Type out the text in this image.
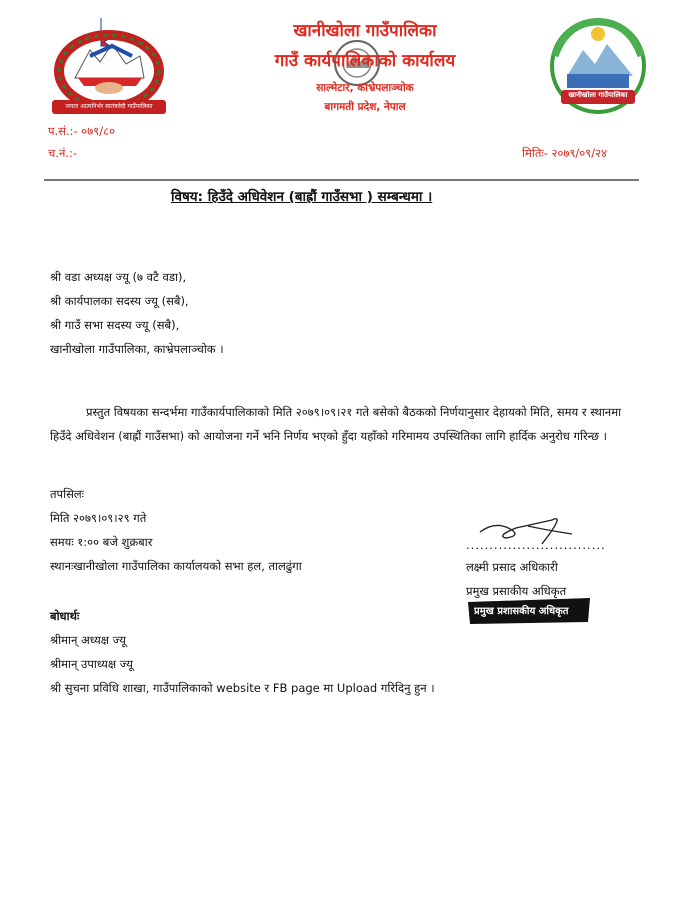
जनता आत्मनिर्भर स्वतंत्रवेदी गाउँपालिका
खानीखोला गाउँपालिका
खानीखोला गाउँपालिका
गाउँ कार्यपालिकाको कार्यालय
साल्मेटार, काभ्रेपलाञ्चोक
बागमती प्रदेश, नेपाल
प.सं.:- ०७९/८०
च.नं.:-	मितिः- २०७९/०९/२४
विषय: हिउँदे अधिवेशन (बाह्रौं गाउँसभा ) सम्बन्धमा ।
श्री वडा अध्यक्ष ज्यू (७ वटै वडा),
श्री कार्यपालका सदस्य ज्यू (सबै),
श्री गाउँ सभा सदस्य ज्यू (सबै),
खानीखोला गाउँपालिका, काभ्रेपलाञ्चोक ।
प्रस्तुत विषयका सन्दर्भमा गाउँकार्यपालिकाको मिति २०७९।०९।२१ गते बसेको बैठकको निर्णयानुसार देहायको मिति, समय र स्थानमा हिउँदे अधिवेशन (बाह्रौं गाउँसभा) को आयोजना गर्ने भनि निर्णय भएको हुँदा यहाँको गरिमामय उपस्थितिका लागि हार्दिक अनुरोध गरिन्छ ।
तपसिलः
मिति २०७९।०९।२९ गते
समयः १:०० बजे शुक्रबार
स्थानःखानीखोला गाउँपालिका कार्यालयको सभा हल, तालढुंगा
..............................
लक्ष्मी प्रसाद अधिकारी
प्रमुख प्रसाकीय अधिकृत
प्रमुख प्रशासकीय अधिकृत
बोधार्थः
श्रीमान् अध्यक्ष ज्यू
श्रीमान् उपाध्यक्ष ज्यू
श्री सुचना प्रविधि शाखा, गाउँपालिकाको website र FB page मा Upload गरिदिनु हुन ।
